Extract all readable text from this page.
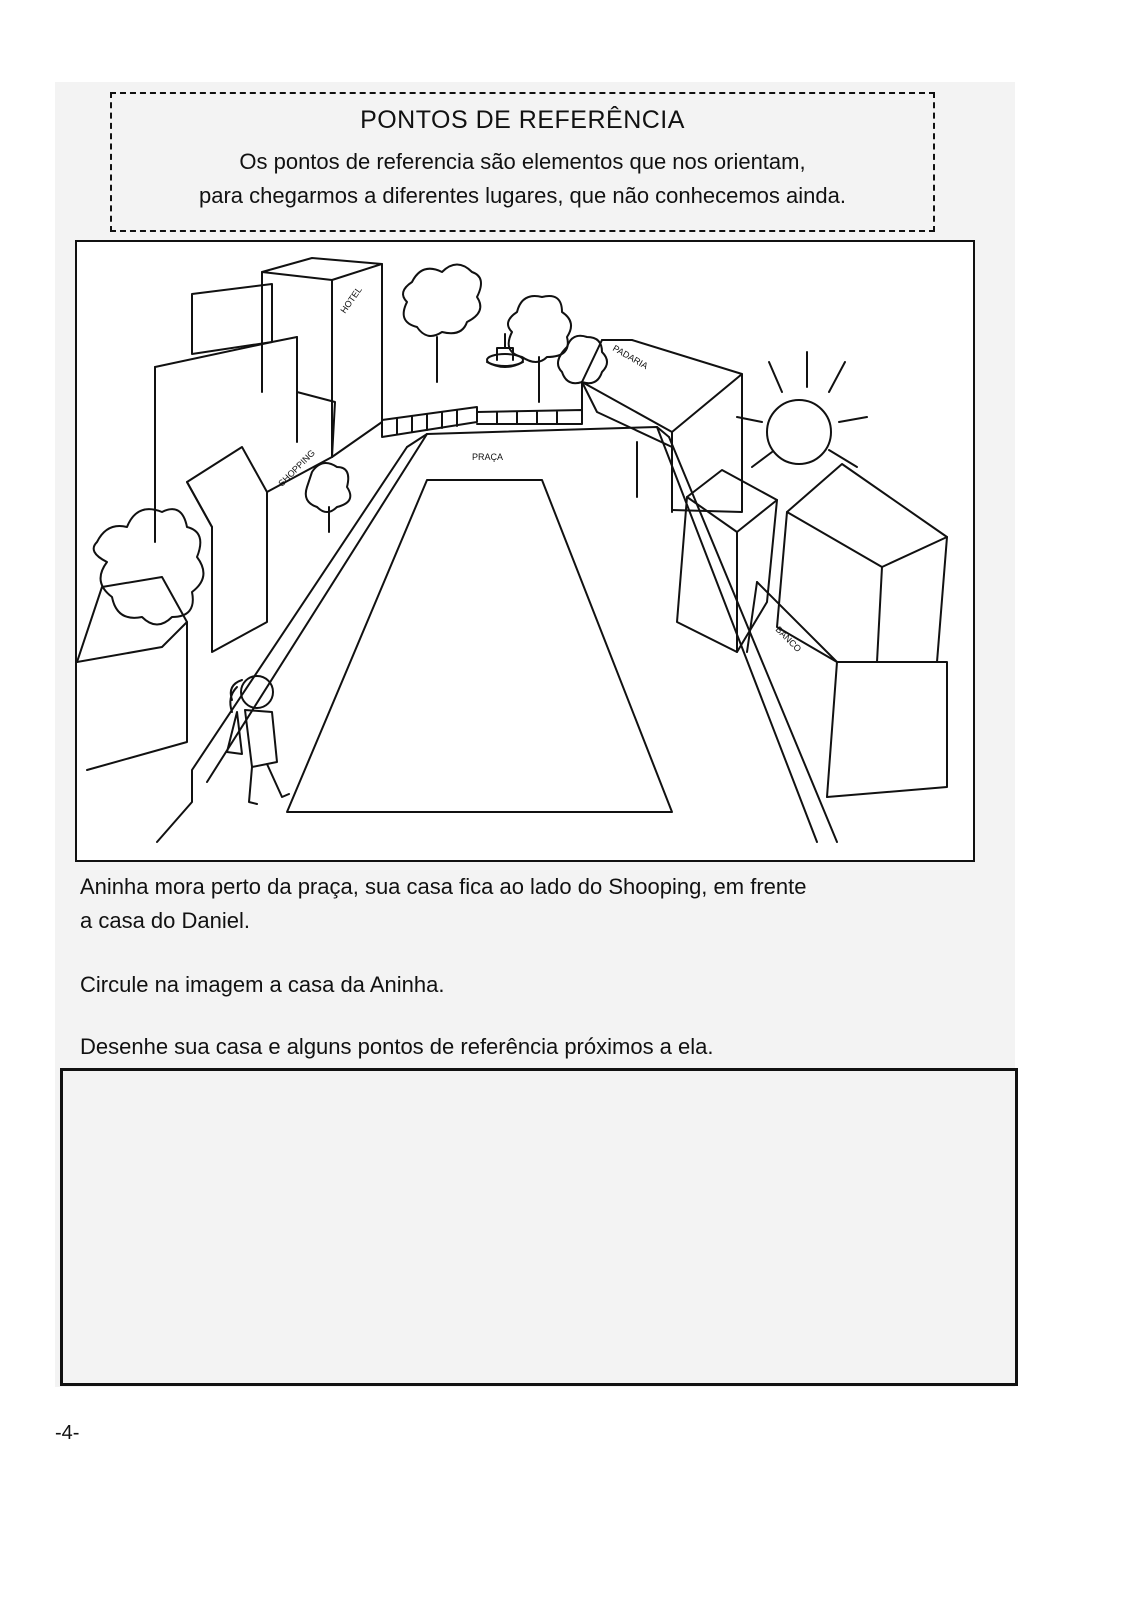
PONTOS DE REFERÊNCIA
Os pontos de referencia são elementos que nos orientam,
para chegarmos a diferentes lugares, que não conhecemos ainda.
PRAÇA
HOTEL
SHOPPING
PADARIA
BANCO
Aninha mora perto da praça, sua casa fica ao lado do Shooping, em frente
a casa do Daniel.
Circule na imagem a casa da Aninha.
Desenhe sua casa e alguns pontos de referência próximos a ela.
-4-
